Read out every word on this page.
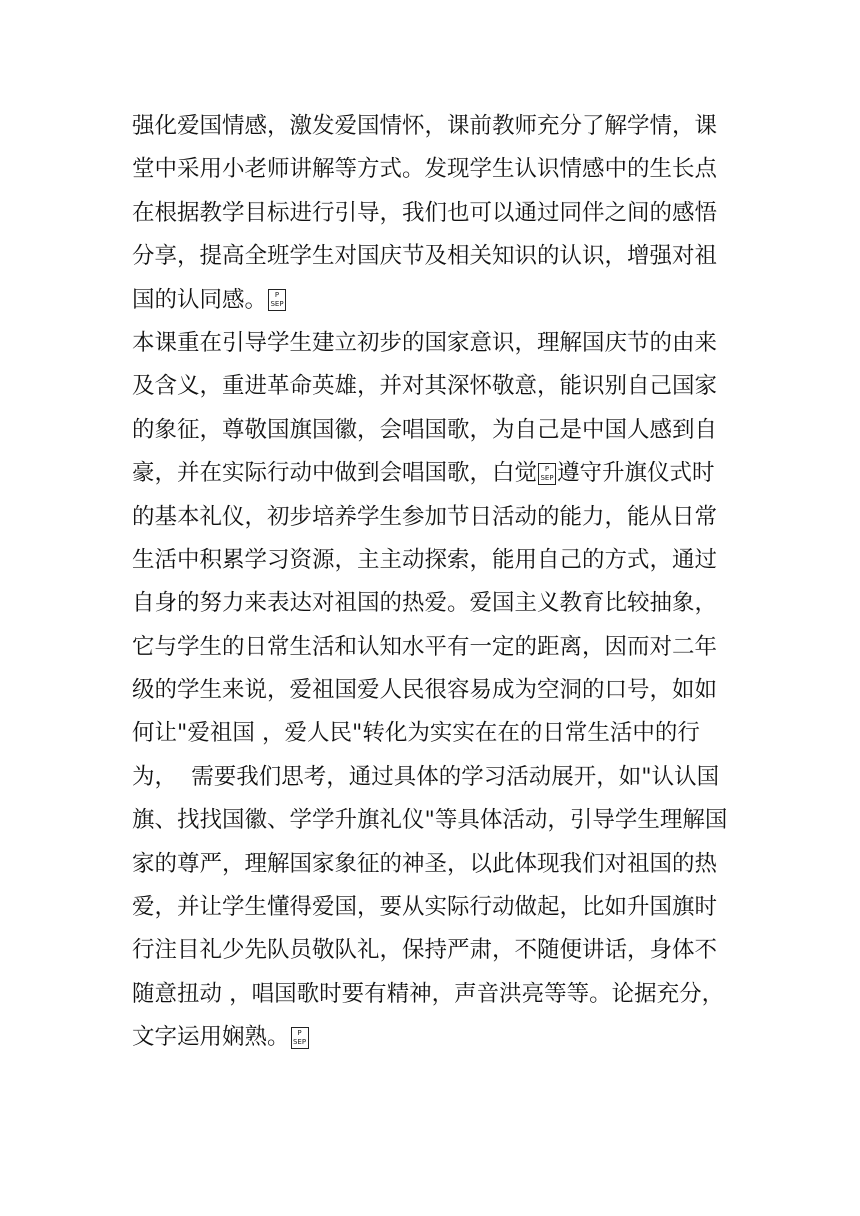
强化爱国情感，激发爱国情怀，课前教师充分了解学情，课
堂中采用小老师讲解等方式。发现学生认识情感中的生长点
在根据教学目标进行引导，我们也可以通过同伴之间的感悟
分享，提高全班学生对国庆节及相关知识的认识，增强对祖
国的认同感。	P
SEP
本课重在引导学生建立初步的国家意识，理解国庆节的由来
及含义，重进革命英雄，并对其深怀敬意，能识别自己国家
的象征，尊敬国旗国徽，会唱国歌，为自己是中国人感到自
豪，并在实际行动中做到会唱国歌，白觉	P
SEP 遵守升旗仪式时
的基本礼仪，初步培养学生参加节日活动的能力，能从日常
生活中积累学习资源，主主动探索，能用自己的方式，通过
自身的努力来表达对祖国的热爱。爱国主义教育比较抽象，
它与学生的日常生活和认知水平有一定的距离，因而对二年
级的学生来说，爱祖国爱人民很容易成为空洞的口号，如如
何让"爱祖国 ，爱人民"转化为实实在在的日常生活中的行
为，  需要我们思考，通过具体的学习活动展开，如"认认国
旗、找找国徽、学学升旗礼仪"等具体活动，引导学生理解国
家的尊严，理解国家象征的神圣，以此体现我们对祖国的热
爱，并让学生懂得爱国，要从实际行动做起，比如升国旗时
行注目礼少先队员敬队礼，保持严肃，不随便讲话，身体不
随意扭动 ，唱国歌时要有精神，声音洪亮等等。论据充分，
文字运用娴熟。	P
SEP
